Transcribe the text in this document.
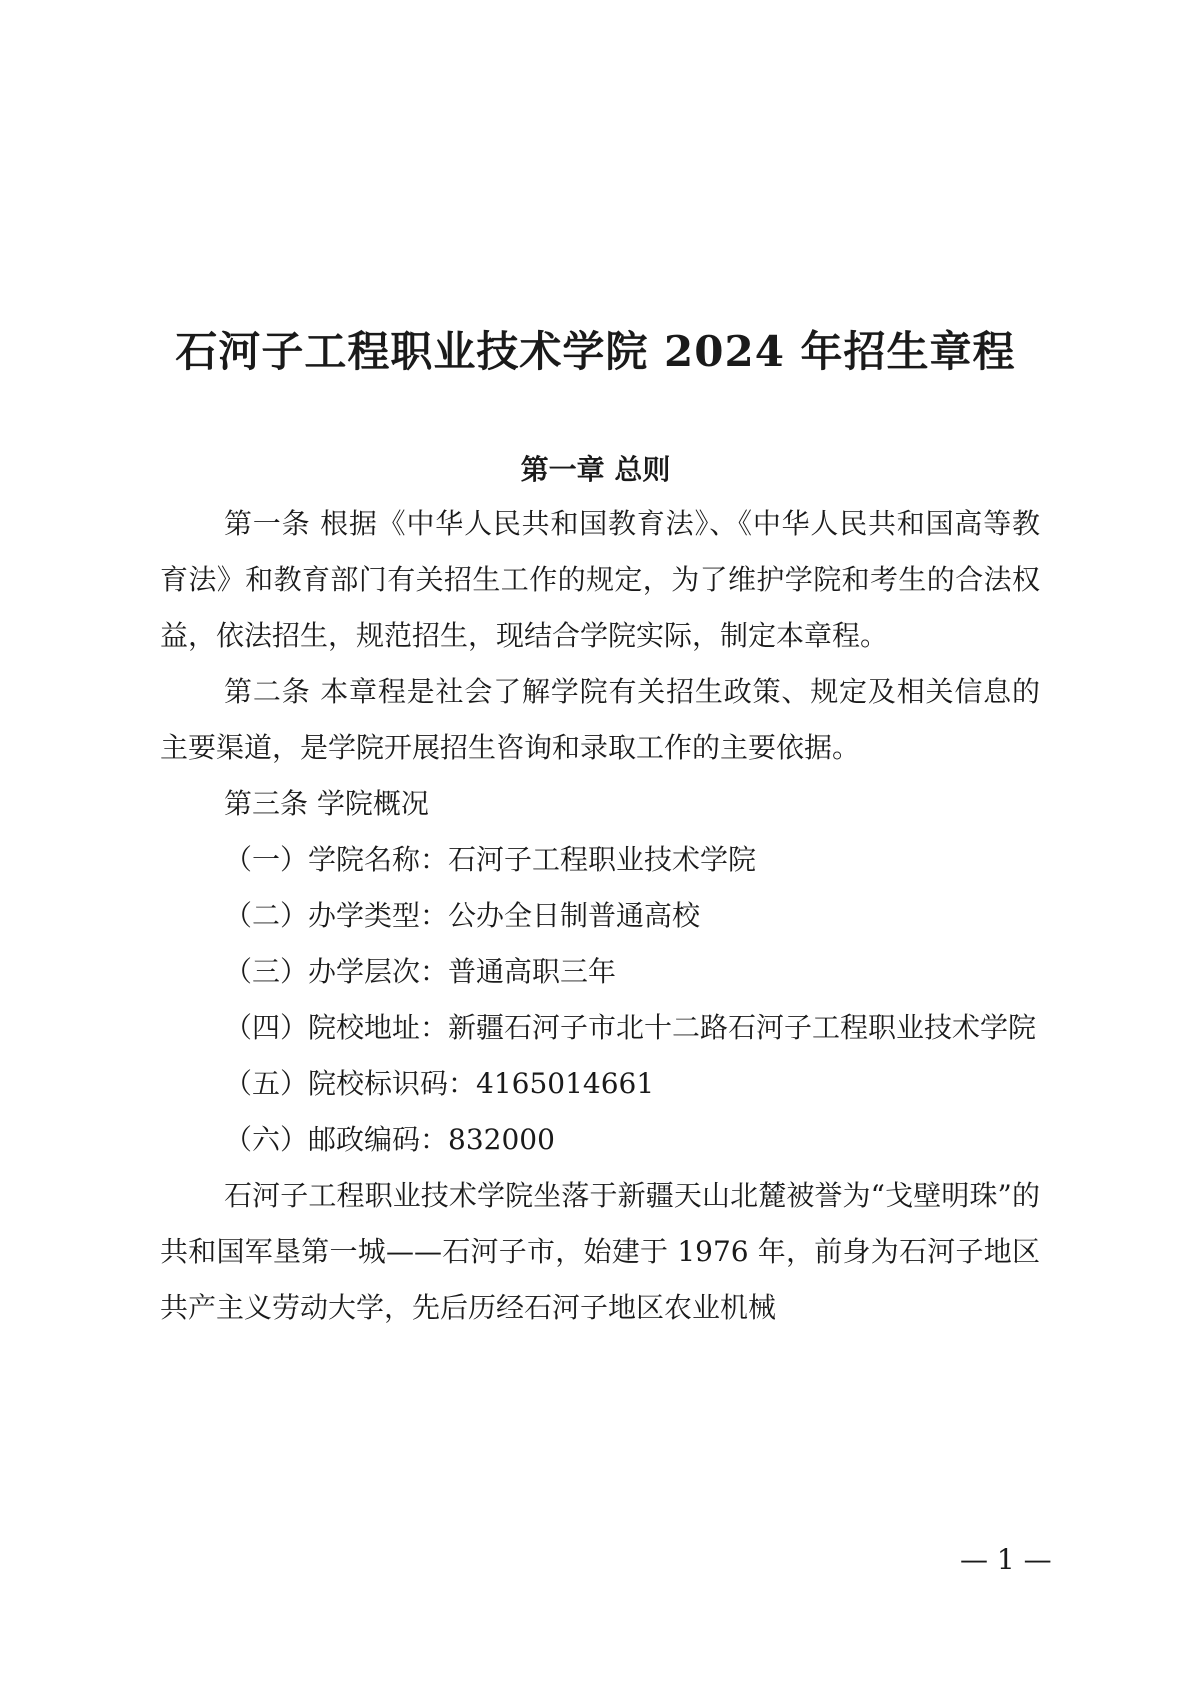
石河子工程职业技术学院 2024 年招生章程
第一章 总则

第一条 根据《中华人民共和国教育法》、《中华人民共和国高等教育法》和教育部门有关招生工作的规定，为了维护学院和考生的合法权益，依法招生，规范招生，现结合学院实际，制定本章程。

第二条 本章程是社会了解学院有关招生政策、规定及相关信息的主要渠道，是学院开展招生咨询和录取工作的主要依据。

第三条 学院概况

（一）学院名称：石河子工程职业技术学院

（二）办学类型：公办全日制普通高校

（三）办学层次：普通高职三年

（四）院校地址：新疆石河子市北十二路石河子工程职业技术学院

（五）院校标识码：4165014661

（六）邮政编码：832000

石河子工程职业技术学院坐落于新疆天山北麓被誉为“戈壁明珠”的共和国军垦第一城——石河子市，始建于 1976 年，前身为石河子地区共产主义劳动大学，先后历经石河子地区农业机械

— 1 —
